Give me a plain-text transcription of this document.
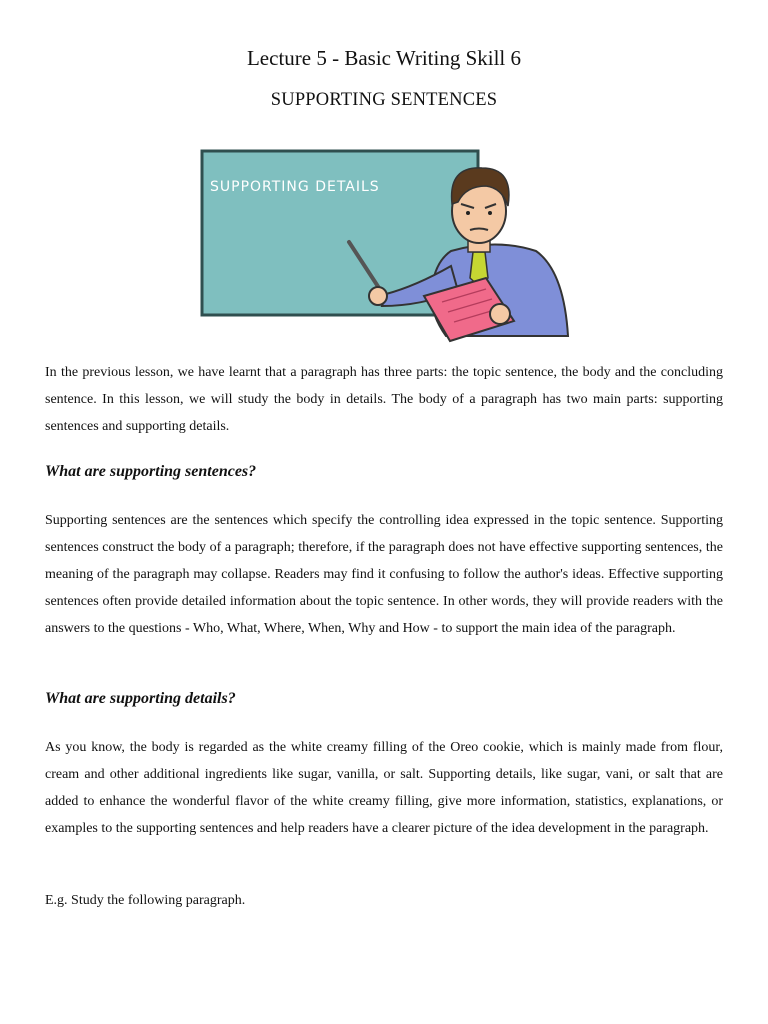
Lecture 5 - Basic Writing Skill 6
SUPPORTING SENTENCES
SUPPORTING DETAILS

In the previous lesson, we have learnt that a paragraph has three parts: the topic sentence, the body and the concluding sentence. In this lesson, we will study the body in details. The body of a paragraph has two main parts: supporting sentences and supporting details.

What are supporting sentences?

Supporting sentences are the sentences which specify the controlling idea expressed in the topic sentence. Supporting sentences construct the body of a paragraph; therefore, if the paragraph does not have effective supporting sentences, the meaning of the paragraph may collapse. Readers may find it confusing to follow the author's ideas. Effective supporting sentences often provide detailed information about the topic sentence. In other words, they will provide readers with the answers to the questions - Who, What, Where, When, Why and How - to support the main idea of the paragraph.

What are supporting details?

As you know, the body is regarded as the white creamy filling of the Oreo cookie, which is mainly made from flour, cream and other additional ingredients like sugar, vanilla, or salt. Supporting details, like sugar, vani, or salt that are added to enhance the wonderful flavor of the white creamy filling, give more information, statistics, explanations, or examples to the supporting sentences and help readers have a clearer picture of the idea development in the paragraph.

E.g. Study the following paragraph.
